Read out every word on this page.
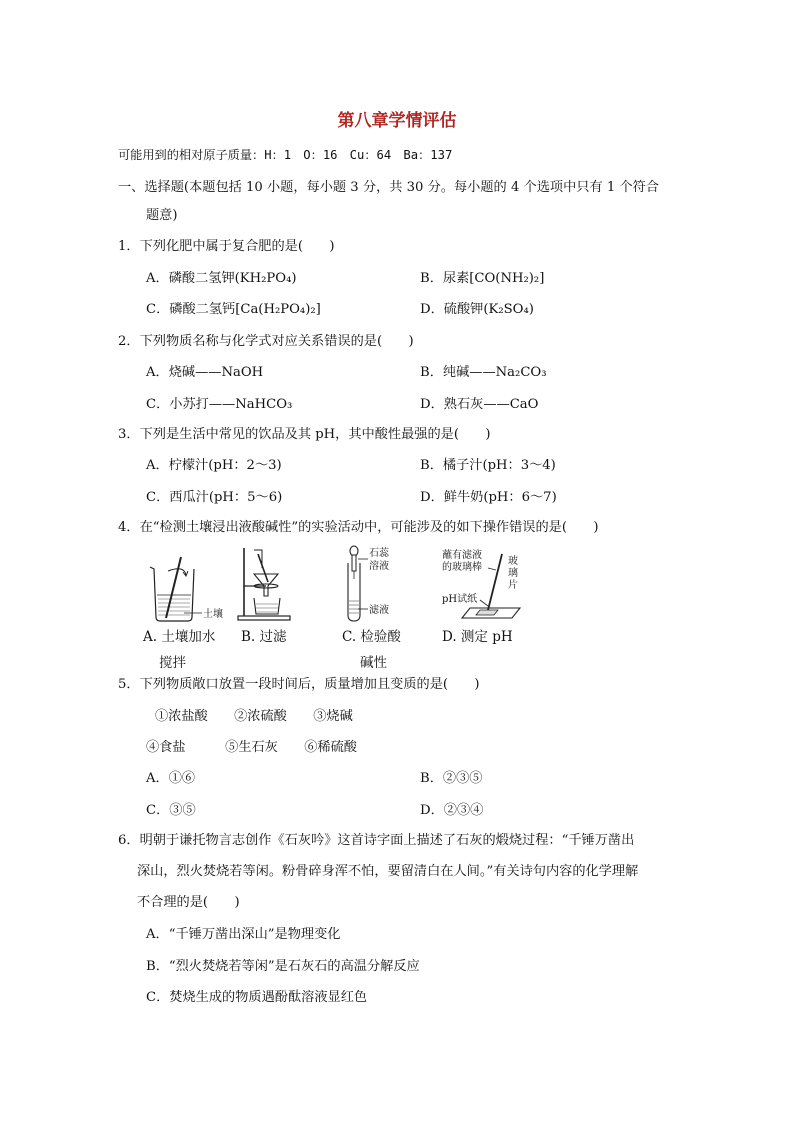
第八章学情评估
可能用到的相对原子质量：H：1　O：16　Cu：64　Ba：137
一、选择题(本题包括 10 小题，每小题 3 分，共 30 分。每小题的 4 个选项中只有 1 个符合
题意)
1．下列化肥中属于复合肥的是(　　)
A．磷酸二氢钾(KH₂PO₄)	B．尿素[CO(NH₂)₂]
C．磷酸二氢钙[Ca(H₂PO₄)₂]	D．硫酸钾(K₂SO₄)
2．下列物质名称与化学式对应关系错误的是(　　)
A．烧碱——NaOH	B．纯碱——Na₂CO₃
C．小苏打——NaHCO₃	D．熟石灰——CaO
3．下列是生活中常见的饮品及其 pH，其中酸性最强的是(　　)
A．柠檬汁(pH：2～3)	B．橘子汁(pH：3～4)
C．西瓜汁(pH：5～6)	D．鲜牛奶(pH：6～7)
4．在“检测土壤浸出液酸碱性”的实验活动中，可能涉及的如下操作错误的是(　　)
土壤
A. 土壤加水
搅拌
B. 过滤
石蕊
溶液
滤液
C. 检验酸
碱性
蘸有滤液
的玻璃棒
玻
璃
片
pH试纸
D. 测定 pH
5．下列物质敞口放置一段时间后，质量增加且变质的是(　　)
①浓盐酸　　②浓硫酸　　③烧碱
④食盐　　　⑤生石灰　　⑥稀硫酸
A．①⑥	B．②③⑤
C．③⑤	D．②③④
6．明朝于谦托物言志创作《石灰吟》这首诗字面上描述了石灰的煅烧过程：“千锤万凿出
深山，烈火焚烧若等闲。粉骨碎身浑不怕，要留清白在人间。”有关诗句内容的化学理解
不合理的是(　　)
A．“千锤万凿出深山”是物理变化
B．“烈火焚烧若等闲”是石灰石的高温分解反应
C．焚烧生成的物质遇酚酞溶液显红色
